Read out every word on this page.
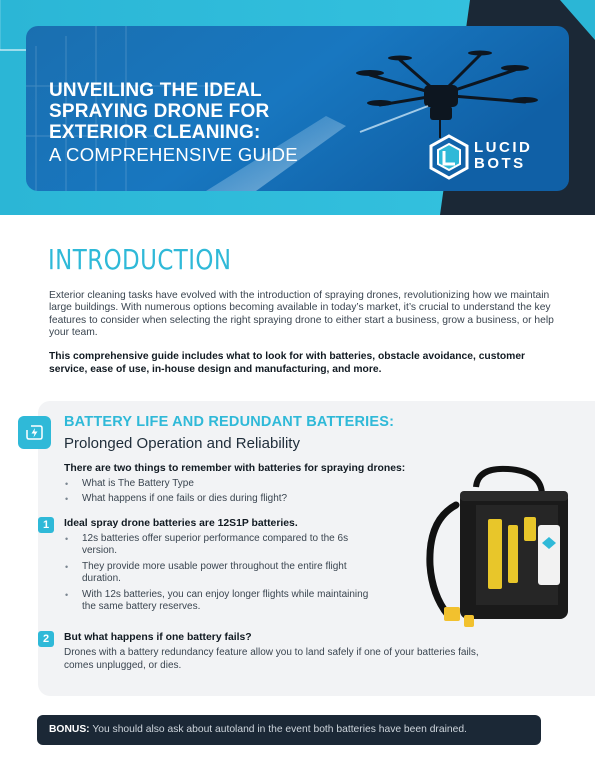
UNVEILING THE IDEAL
SPRAYING DRONE FOR
EXTERIOR CLEANING:
A COMPREHENSIVE GUIDE	LUCID
BOTS
INTRODUCTION

Exterior cleaning tasks have evolved with the introduction of spraying drones, revolutionizing how we maintain large buildings. With numerous options becoming available in today’s market, it’s crucial to understand the key features to consider when selecting the right spraying drone to either start a business, grow a business, or help your team.

This comprehensive guide includes what to look for with batteries, obstacle avoidance, customer service, ease of use, in-house design and manufacturing, and more.

BATTERY LIFE AND REDUNDANT BATTERIES:
Prolonged Operation and Reliability
There are two things to remember with batteries for spraying drones:
• What is The Battery Type
• What happens if one fails or dies during flight?
1	Ideal spray drone batteries are 12S1P batteries.
• 12s batteries offer superior performance compared to the 6s version.
• They provide more usable power throughout the entire flight duration.
• With 12s batteries, you can enjoy longer flights while maintaining the same battery reserves.
2	But what happens if one battery fails?

Drones with a battery redundancy feature allow you to land safely if one of your batteries fails, comes unplugged, or dies.

BONUS: You should also ask about autoland in the event both batteries have been drained.
